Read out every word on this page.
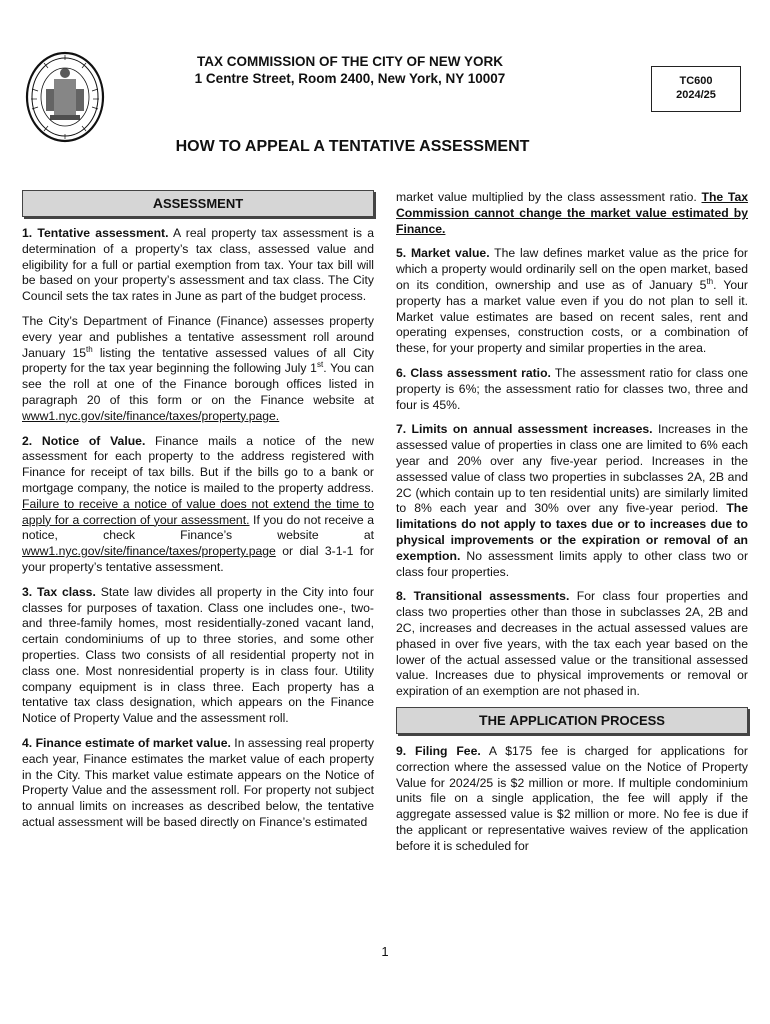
TAX COMMISSION OF THE CITY OF NEW YORK
1 Centre Street, Room 2400, New York, NY 10007	TC600
2024/25
HOW TO APPEAL A TENTATIVE ASSESSMENT
ASSESSMENT

1. Tentative assessment. A real property tax assessment is a determination of a property’s tax class, assessed value and eligibility for a full or partial exemption from tax. Your tax bill will be based on your property’s assessment and tax class. The City Council sets the tax rates in June as part of the budget process.

The City’s Department of Finance (Finance) assesses property every year and publishes a tentative assessment roll around January 15th listing the tentative assessed values of all City property for the tax year beginning the following July 1st. You can see the roll at one of the Finance borough offices listed in paragraph 20 of this form or on the Finance website at www1.nyc.gov/site/finance/taxes/property.page.

2. Notice of Value. Finance mails a notice of the new assessment for each property to the address registered with Finance for receipt of tax bills. But if the bills go to a bank or mortgage company, the notice is mailed to the property address. Failure to receive a notice of value does not extend the time to apply for a correction of your assessment. If you do not receive a notice, check Finance’s website at www1.nyc.gov/site/finance/taxes/property.page or dial 3-1-1 for your property’s tentative assessment.

3. Tax class. State law divides all property in the City into four classes for purposes of taxation. Class one includes one-, two- and three-family homes, most residentially-zoned vacant land, certain condominiums of up to three stories, and some other properties. Class two consists of all residential property not in class one. Most nonresidential property is in class four. Utility company equipment is in class three. Each property has a tentative tax class designation, which appears on the Finance Notice of Property Value and the assessment roll.

4. Finance estimate of market value. In assessing real property each year, Finance estimates the market value of each property in the City. This market value estimate appears on the Notice of Property Value and the assessment roll. For property not subject to annual limits on increases as described below, the tentative actual assessment will be based directly on Finance’s estimated

market value multiplied by the class assessment ratio. The Tax Commission cannot change the market value estimated by Finance.

5. Market value. The law defines market value as the price for which a property would ordinarily sell on the open market, based on its condition, ownership and use as of January 5th. Your property has a market value even if you do not plan to sell it. Market value estimates are based on recent sales, rent and operating expenses, construction costs, or a combination of these, for your property and similar properties in the area.

6. Class assessment ratio. The assessment ratio for class one property is 6%; the assessment ratio for classes two, three and four is 45%.

7. Limits on annual assessment increases. Increases in the assessed value of properties in class one are limited to 6% each year and 20% over any five-year period. Increases in the assessed value of class two properties in subclasses 2A, 2B and 2C (which contain up to ten residential units) are similarly limited to 8% each year and 30% over any five-year period. The limitations do not apply to taxes due or to increases due to physical improvements or the expiration or removal of an exemption. No assessment limits apply to other class two or class four properties.

8. Transitional assessments. For class four properties and class two properties other than those in subclasses 2A, 2B and 2C, increases and decreases in the actual assessed values are phased in over five years, with the tax each year based on the lower of the actual assessed value or the transitional assessed value. Increases due to physical improvements or removal or expiration of an exemption are not phased in.

THE APPLICATION PROCESS

9. Filing Fee. A $175 fee is charged for applications for correction where the assessed value on the Notice of Property Value for 2024/25 is $2 million or more. If multiple condominium units file on a single application, the fee will apply if the aggregate assessed value is $2 million or more. No fee is due if the applicant or representative waives review of the application before it is scheduled for

1
